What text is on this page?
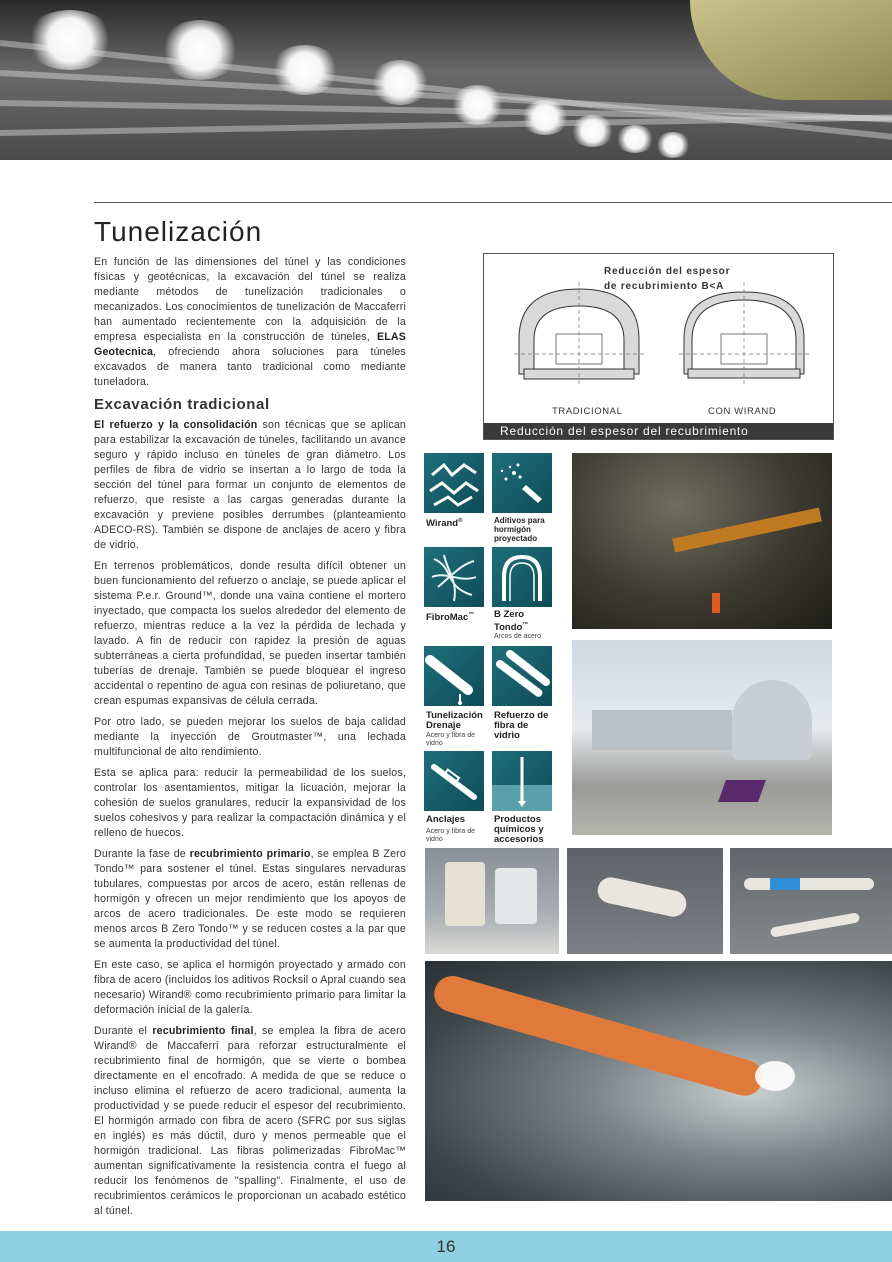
Tunelización
En función de las dimensiones del túnel y las condiciones físicas y geotécnicas, la excavación del túnel se realiza mediante métodos de tunelización tradicionales o mecanizados. Los conocimientos de tunelización de Maccaferri han aumentado recientemente con la adquisición de la empresa especialista en la construcción de túneles, ELAS Geotecnica, ofreciendo ahora soluciones para túneles excavados de manera tanto tradicional como mediante tuneladora.
Excavación tradicional

El refuerzo y la consolidación son técnicas que se aplican para estabilizar la excavación de túneles, facilitando un avance seguro y rápido incluso en túneles de gran diámetro. Los perfiles de fibra de vidrio se insertan a lo largo de toda la sección del túnel para formar un conjunto de elementos de refuerzo, que resiste a las cargas generadas durante la excavación y previene posibles derrumbes (planteamiento ADECO-RS). También se dispone de anclajes de acero y fibra de vidrio.

En terrenos problemáticos, donde resulta difícil obtener un buen funcionamiento del refuerzo o anclaje, se puede aplicar el sistema P.e.r. Ground™, donde una vaina contiene el mortero inyectado, que compacta los suelos alrededor del elemento de refuerzo, mientras reduce a la vez la pérdida de lechada y lavado. A fin de reducir con rapidez la presión de aguas subterráneas a cierta profundidad, se pueden insertar también tuberías de drenaje. También se puede bloquear el ingreso accidental o repentino de agua con resinas de poliuretano, que crean espumas expansivas de célula cerrada.

Por otro lado, se pueden mejorar los suelos de baja calidad mediante la inyección de Groutmaster™, una lechada multifuncional de alto rendimiento.

Esta se aplica para: reducir la permeabilidad de los suelos, controlar los asentamientos, mitigar la licuación, mejorar la cohesión de suelos granulares, reducir la expansividad de los suelos cohesivos y para realizar la compactación dinámica y el relleno de huecos.

Durante la fase de recubrimiento primario, se emplea B Zero Tondo™ para sostener el túnel. Estas singulares nervaduras tubulares, compuestas por arcos de acero, están rellenas de hormigón y ofrecen un mejor rendimiento que los apoyos de arcos de acero tradicionales. De este modo se requieren menos arcos B Zero Tondo™ y se reducen costes a la par que se aumenta la productividad del túnel.

En este caso, se aplica el hormigón proyectado y armado con fibra de acero (incluidos los aditivos Rocksil o Apral cuando sea necesario) Wirand® como recubrimiento primario para limitar la deformación inicial de la galería.

Durante el recubrimiento final, se emplea la fibra de acero Wirand® de Maccaferri para reforzar estructuralmente el recubrimiento final de hormigón, que se vierte o bombea directamente en el encofrado. A medida de que se reduce o incluso elimina el refuerzo de acero tradicional, aumenta la productividad y se puede reducir el espesor del recubrimiento. El hormigón armado con fibra de acero (SFRC por sus siglas en inglés) es más dúctil, duro y menos permeable que el hormigón tradicional. Las fibras polimerizadas FibroMac™ aumentan significativamente la resistencia contra el fuego al reducir los fenómenos de "spalling". Finalmente, el uso de recubrimientos cerámicos le proporcionan un acabado estético al túnel.

Reducción del espesor
de recubrimiento B<A
TRADICIONAL	CON WIRAND
Reducción del espesor del recubrimiento
Wirand®	Aditivos para hormigón proyectado
FibroMac™ B Zero Tondo™
Arcos de acero
Tunelización Drenaje
Acero y fibra de vidrio
Refuerzo de fibra de vidrio
Anclajes
Acero y fibra de vidrio
Productos químicos y accesorios
16
